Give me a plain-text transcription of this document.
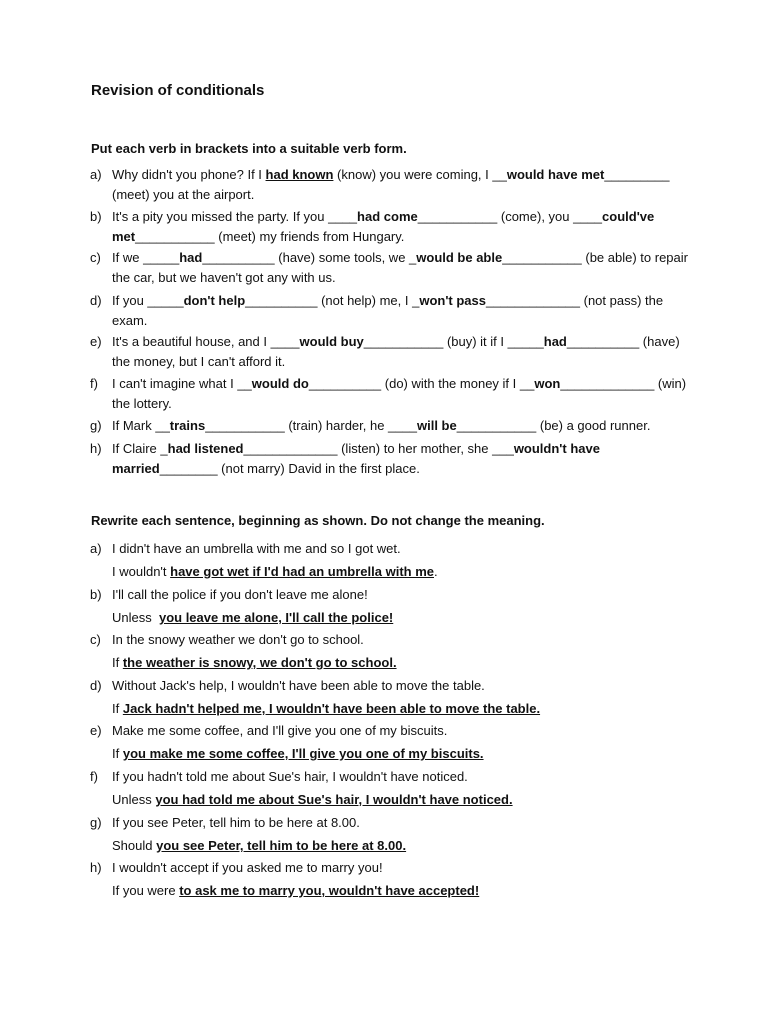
Revision of conditionals
Put each verb in brackets into a suitable verb form.
a) Why didn't you phone? If I had known (know) you were coming, I __would have met_________ (meet) you at the airport.
b) It's a pity you missed the party. If you ____had come___________ (come), you ____could've met___________ (meet) my friends from Hungary.
c) If we _____had__________ (have) some tools, we _would be able___________ (be able) to repair the car, but we haven't got any with us.
d) If you _____don't help__________ (not help) me, I _won't pass_____________ (not pass) the exam.
e) It's a beautiful house, and I ____would buy___________ (buy) it if I _____had__________ (have) the money, but I can't afford it.
f) I can't imagine what I __would do__________ (do) with the money if I __won_____________ (win) the lottery.
g) If Mark __trains___________ (train) harder, he ____will be___________ (be) a good runner.
h) If Claire _had listened_____________ (listen) to her mother, she ___wouldn't have married________ (not marry) David in the first place.
Rewrite each sentence, beginning as shown. Do not change the meaning.
a) I didn't have an umbrella with me and so I got wet.
I wouldn't have got wet if I'd had an umbrella with me.
b) I'll call the police if you don't leave me alone!
Unless  you leave me alone, I'll call the police!
c) In the snowy weather we don't go to school.
If the weather is snowy, we don't go to school.
d) Without Jack's help, I wouldn't have been able to move the table.
If Jack hadn't helped me, I wouldn't have been able to move the table.
e) Make me some coffee, and I'll give you one of my biscuits.
If you make me some coffee, I'll give you one of my biscuits.
f) If you hadn't told me about Sue's hair, I wouldn't have noticed.
Unless you had told me about Sue's hair, I wouldn't have noticed.
g) If you see Peter, tell him to be here at 8.00.
Should you see Peter, tell him to be here at 8.00.
h) I wouldn't accept if you asked me to marry you!
If you were to ask me to marry you, wouldn't have accepted!
